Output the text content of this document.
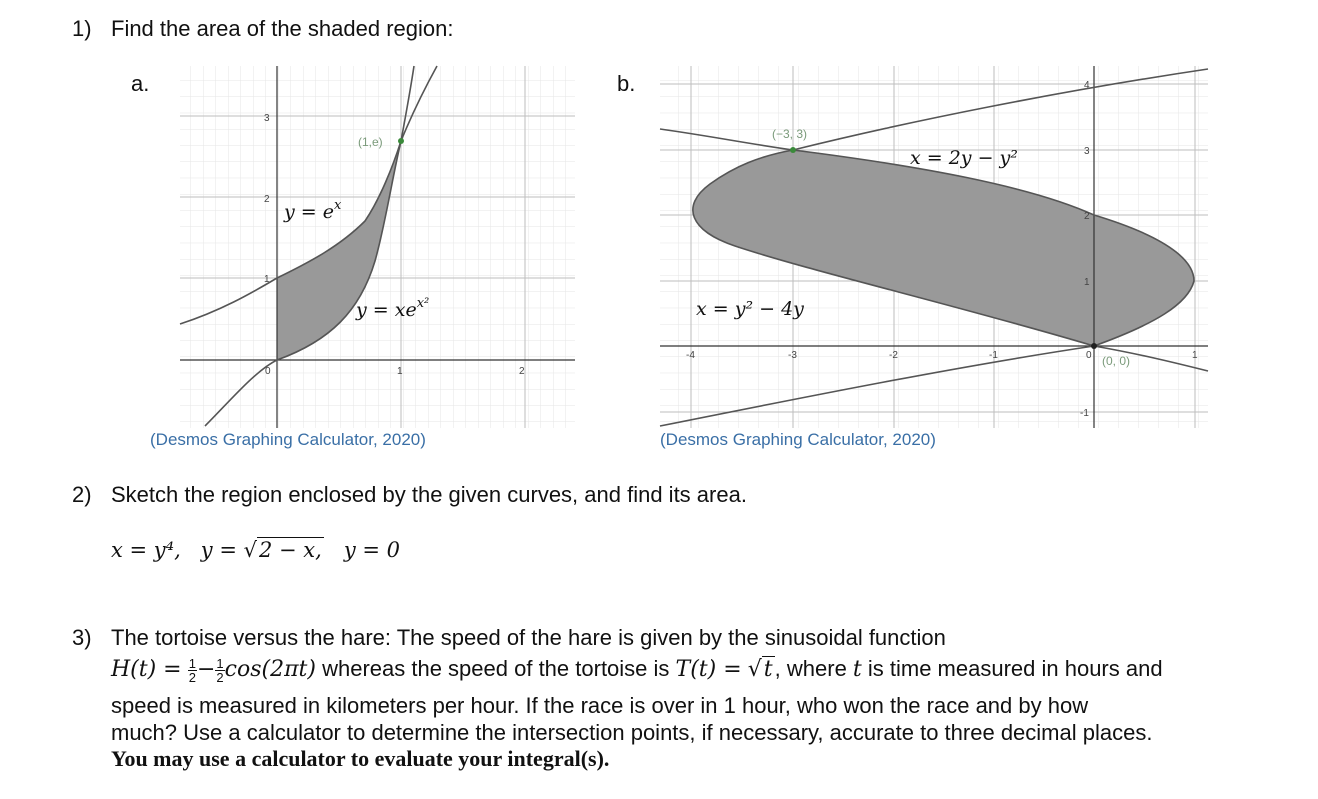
1) Find the area of the shaded region:
a.
(1,e)
0	1	2
1
2
3
$y = e^x$
$y = xe^{x^2}$
(Desmos Graphing Calculator, 2020)
b.
(−3, 3)
(0, 0)
-4	-3	-2	-1	0	1
-1
1
2
3
4
x = 2y − y²
x = y² − 4y
(Desmos Graphing Calculator, 2020)
2) Sketch the region enclosed by the given curves, and find its area.
x = y⁴, y = √2 − x, y = 0
3) The tortoise versus the hare: The speed of the hare is given by the sinusoidal function
$H(t) = \frac{1}{2} - \frac{1}{2} \cos(2\pi t)$ whereas the speed of the tortoise is T(t) = √t, where t is time measured in hours and
speed is measured in kilometers per hour. If the race is over in 1 hour, who won the race and by how
much? Use a calculator to determine the intersection points, if necessary, accurate to three decimal places.
You may use a calculator to evaluate your integral(s).
